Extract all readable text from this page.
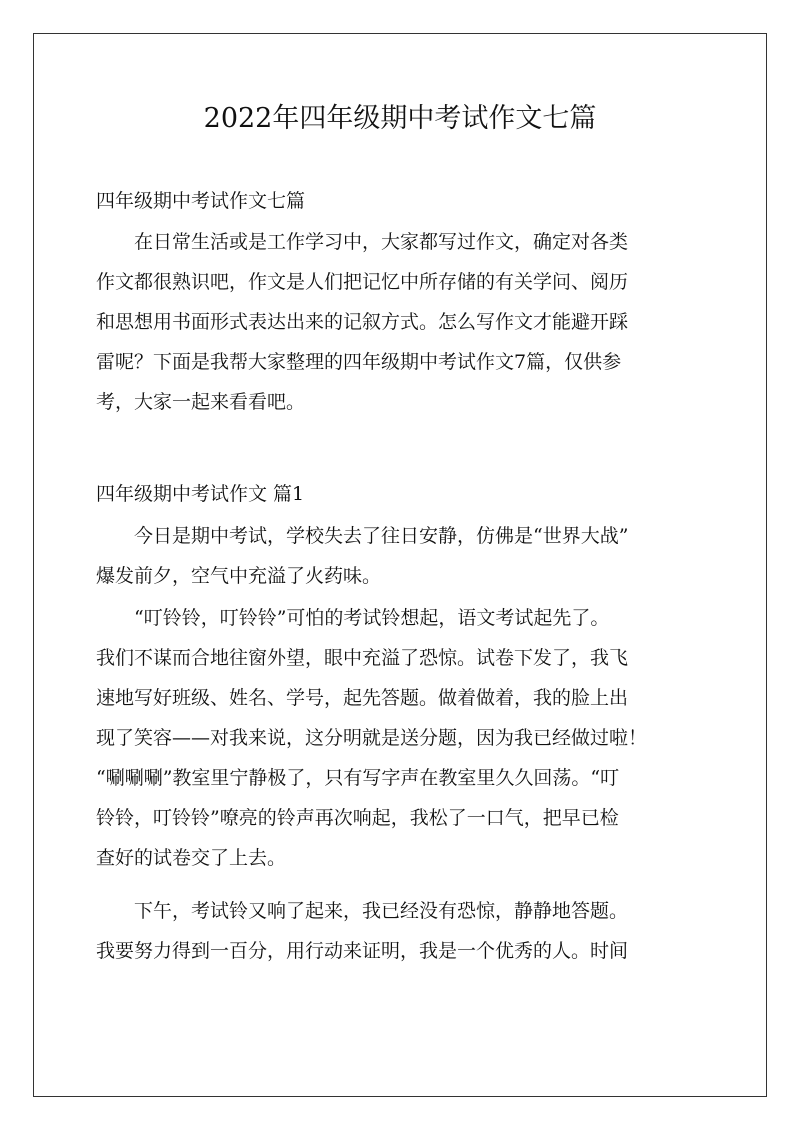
2022年四年级期中考试作文七篇
四年级期中考试作文七篇
　　在日常生活或是工作学习中，大家都写过作文，确定对各类
作文都很熟识吧，作文是人们把记忆中所存储的有关学问、阅历
和思想用书面形式表达出来的记叙方式。怎么写作文才能避开踩
雷呢？下面是我帮大家整理的四年级期中考试作文7篇，仅供参
考，大家一起来看看吧。
四年级期中考试作文 篇1
　　今日是期中考试，学校失去了往日安静，仿佛是“世界大战”
爆发前夕，空气中充溢了火药味。
　　“叮铃铃，叮铃铃”可怕的考试铃想起，语文考试起先了。
我们不谋而合地往窗外望，眼中充溢了恐惊。试卷下发了，我飞
速地写好班级、姓名、学号，起先答题。做着做着，我的脸上出
现了笑容——对我来说，这分明就是送分题，因为我已经做过啦！
“唰唰唰”教室里宁静极了，只有写字声在教室里久久回荡。“叮
铃铃，叮铃铃”嘹亮的铃声再次响起，我松了一口气，把早已检
查好的试卷交了上去。
　　下午，考试铃又响了起来，我已经没有恐惊，静静地答题。
我要努力得到一百分，用行动来证明，我是一个优秀的人。时间
